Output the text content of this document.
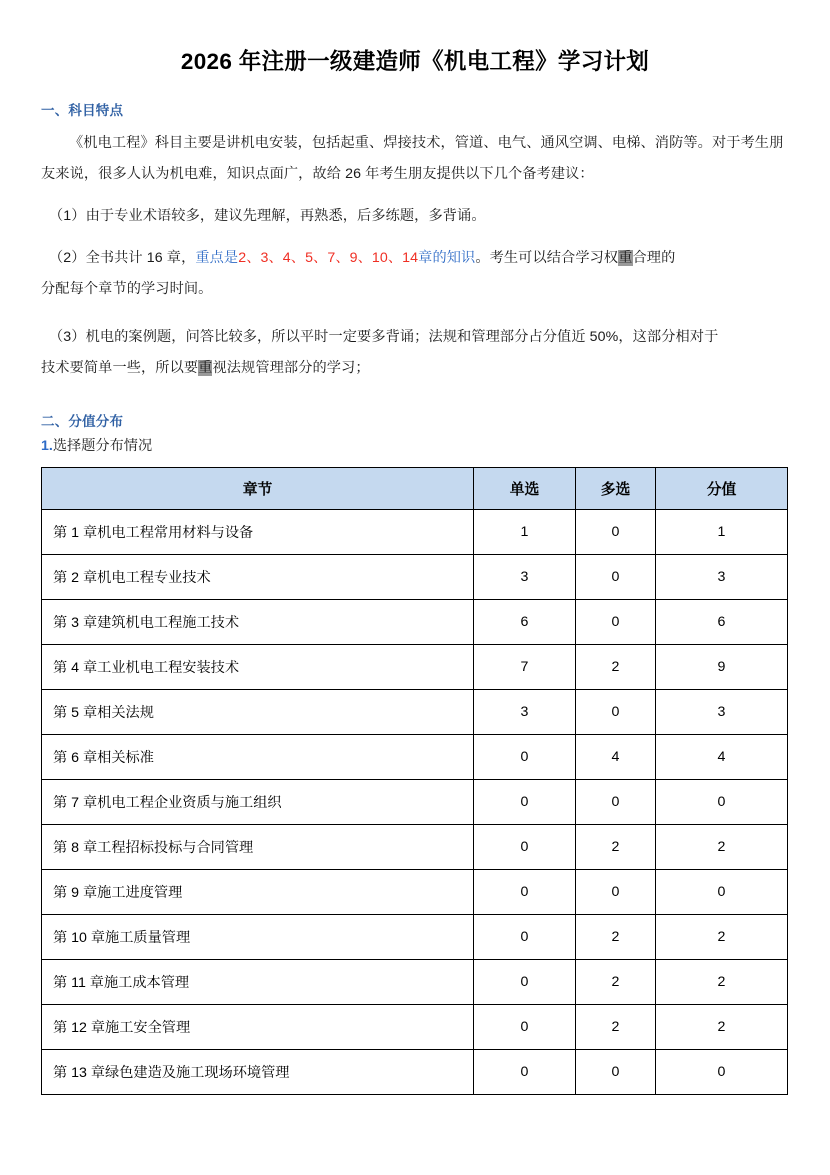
2026 年注册一级建造师《机电工程》学习计划
一、科目特点

《机电工程》科目主要是讲机电安装，包括起重、焊接技术，管道、电气、通风空调、电梯、消防等。对于考生朋友来说，很多人认为机电难，知识点面广，故给 26 年考生朋友提供以下几个备考建议：

（1）由于专业术语较多，建议先理解，再熟悉，后多练题，多背诵。

（2）全书共计 16 章，重点是2、3、4、5、7、9、10、14章的知识。考生可以结合学习权重合理的

分配每个章节的学习时间。

（3）机电的案例题，问答比较多，所以平时一定要多背诵；法规和管理部分占分值近 50%，这部分相对于

技术要简单一些，所以要重视法规管理部分的学习；

二、分值分布

1.选择题分布情况

章节	单选	多选	分值
第 1 章机电工程常用材料与设备	1	0	1
第 2 章机电工程专业技术	3	0	3
第 3 章建筑机电工程施工技术	6	0	6
第 4 章工业机电工程安装技术	7	2	9
第 5 章相关法规	3	0	3
第 6 章相关标准	0	4	4
第 7 章机电工程企业资质与施工组织	0	0	0
第 8 章工程招标投标与合同管理	0	2	2
第 9 章施工进度管理	0	0	0
第 10 章施工质量管理	0	2	2
第 11 章施工成本管理	0	2	2
第 12 章施工安全管理	0	2	2
第 13 章绿色建造及施工现场环境管理	0	0	0
